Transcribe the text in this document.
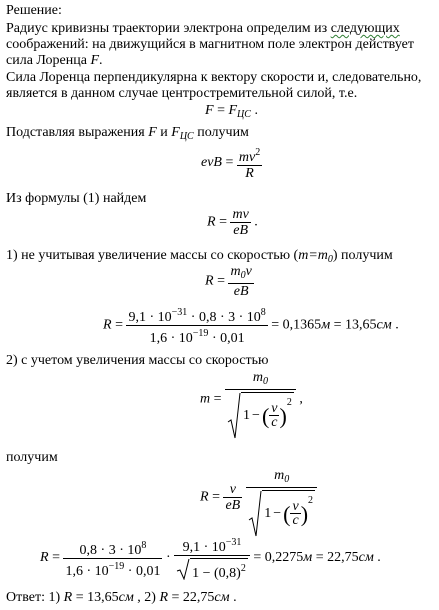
Решение:
Радиус кривизны траектории электрона определим из следующих
соображений: на движущийся в магнитном поле электрон действует
сила Лоренца F.
Сила Лоренца перпендикулярна к вектору скорости и, следовательно,
является в данном случае центростремительной силой, т.е.
$F = F_{ЦС}$ .
Подставляя выражения F и $F_{ЦС}$ получим
evB = $\frac{mv^2}{R}$
Из формулы (1) найдем
$R = \frac{mv}{eB}$ .
1) не учитывая увеличение массы со скоростью $(m=m_0)$ получим
$R = \frac{m_0v}{eB}$
$R = \frac{9,1 \cdot 10^{-31} \cdot 0,8 \cdot 3 \cdot 10^8}{1,6 \cdot 10^{-19} \cdot 0,01} = 0,1365м = 13,65см$ .
2) с учетом увеличения массы со скоростью
$m = \frac{m_0}{1 -( \frac{v}{c} )^2}$ ,
получим
$R = \frac{v}{eB} \frac{m_0}{1 -( \frac{v}{c} )^2}$
$R = \frac{0,8 \cdot 3 \cdot 10^8}{1,6 \cdot 10^{-19} \cdot 0,01} \cdot \frac{9,1 \cdot 10^{-31}}{1 - (0,8)^2} = 0,2275м = 22,75см$ .
Ответ: 1) R = 13,65см , 2) R = 22,75см .
